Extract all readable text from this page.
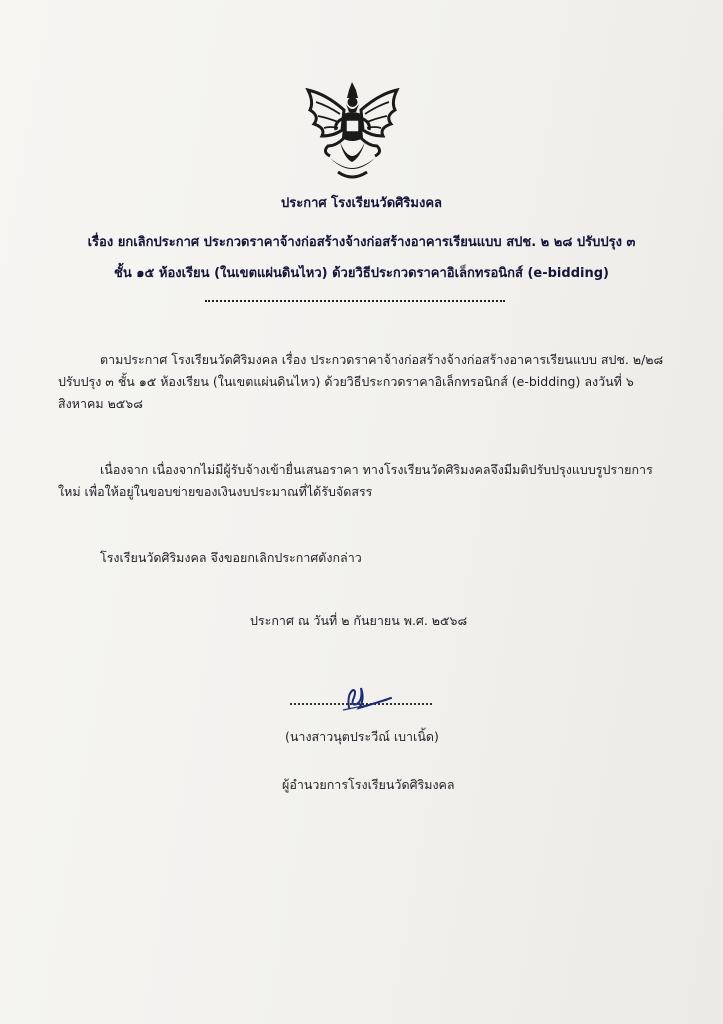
ประกาศ โรงเรียนวัดศิริมงคล
เรื่อง ยกเลิกประกาศ ประกวดราคาจ้างก่อสร้างจ้างก่อสร้างอาคารเรียนแบบ สปช. ๒ ๒๘ ปรับปรุง ๓
ชั้น ๑๕ ห้องเรียน (ในเขตแผ่นดินไหว) ด้วยวิธีประกวดราคาอิเล็กทรอนิกส์ (e-bidding)
ตามประกาศ โรงเรียนวัดศิริมงคล เรื่อง ประกวดราคาจ้างก่อสร้างจ้างก่อสร้างอาคารเรียนแบบ สปช. ๒/๒๘ ปรับปรุง ๓ ชั้น ๑๕ ห้องเรียน (ในเขตแผ่นดินไหว) ด้วยวิธีประกวดราคาอิเล็กทรอนิกส์ (e-bidding) ลงวันที่ ๖ สิงหาคม ๒๕๖๘
เนื่องจาก เนื่องจากไม่มีผู้รับจ้างเข้ายื่นเสนอราคา ทางโรงเรียนวัดศิริมงคลจึงมีมติปรับปรุงแบบรูปรายการใหม่ เพื่อให้อยู่ในขอบข่ายของเงินงบประมาณที่ได้รับจัดสรร
โรงเรียนวัดศิริมงคล จึงขอยกเลิกประกาศดังกล่าว
ประกาศ ณ วันที่ ๒ กันยายน พ.ศ. ๒๕๖๘
(นางสาวนุตประวีณ์ เบาเนิ้ด)
ผู้อำนวยการโรงเรียนวัดศิริมงคล
